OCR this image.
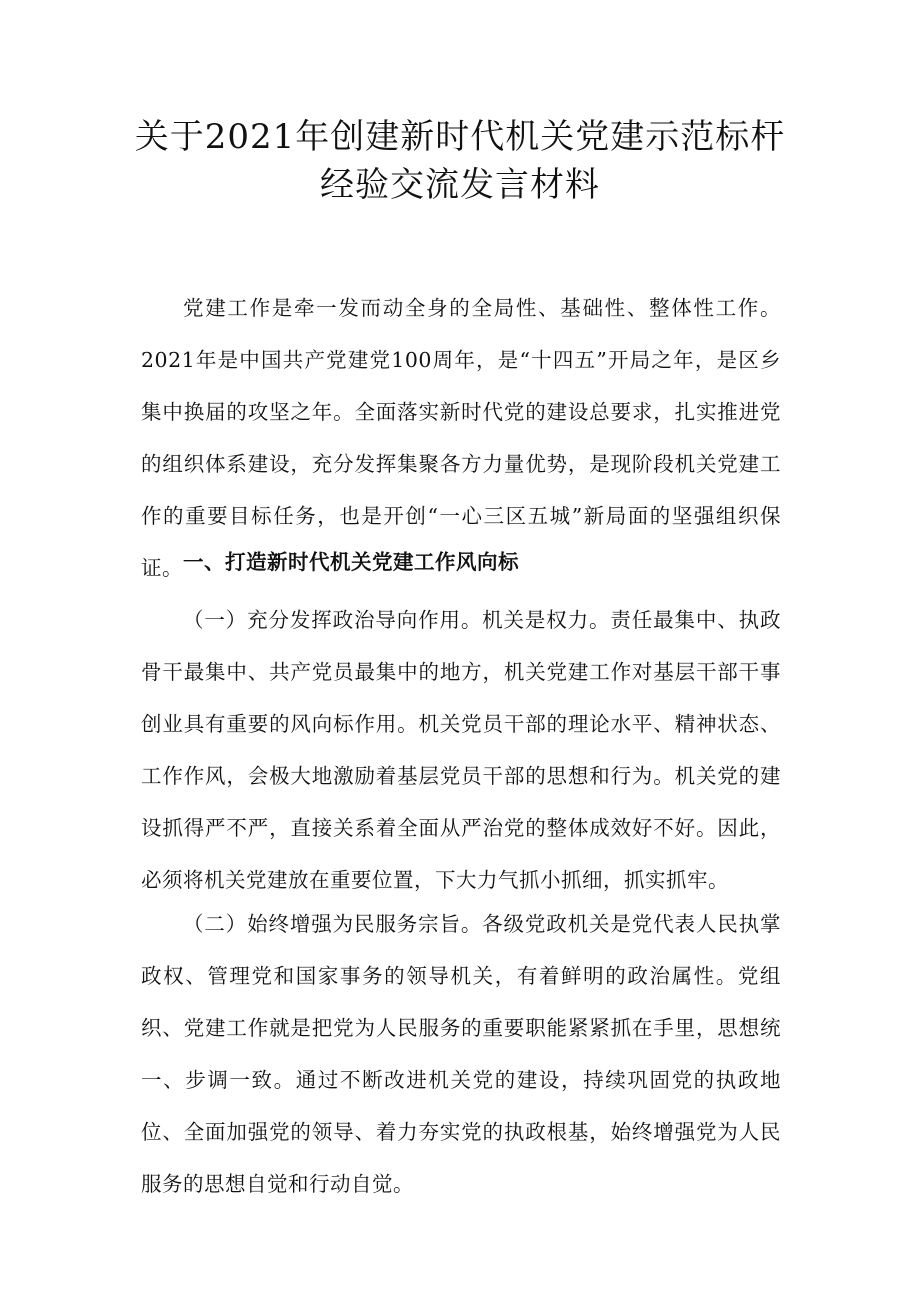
关于2021年创建新时代机关党建示范标杆
经验交流发言材料

党建工作是牵一发而动全身的全局性、基础性、整体性工作。2021年是中国共产党建党100周年，是“十四五”开局之年，是区乡集中换届的攻坚之年。全面落实新时代党的建设总要求，扎实推进党的组织体系建设，充分发挥集聚各方力量优势，是现阶段机关党建工作的重要目标任务，也是开创“一心三区五城”新局面的坚强组织保证。 一、打造新时代机关党建工作风向标

（一）充分发挥政治导向作用。机关是权力。责任最集中、执政骨干最集中、共产党员最集中的地方，机关党建工作对基层干部干事创业具有重要的风向标作用。机关党员干部的理论水平、精神状态、工作作风，会极大地激励着基层党员干部的思想和行为。机关党的建设抓得严不严，直接关系着全面从严治党的整体成效好不好。因此，必须将机关党建放在重要位置，下大力气抓小抓细，抓实抓牢。

（二）始终增强为民服务宗旨。各级党政机关是党代表人民执掌政权、管理党和国家事务的领导机关，有着鲜明的政治属性。党组织、党建工作就是把党为人民服务的重要职能紧紧抓在手里，思想统一、步调一致。通过不断改进机关党的建设，持续巩固党的执政地位、全面加强党的领导、着力夯实党的执政根基，始终增强党为人民服务的思想自觉和行动自觉。
